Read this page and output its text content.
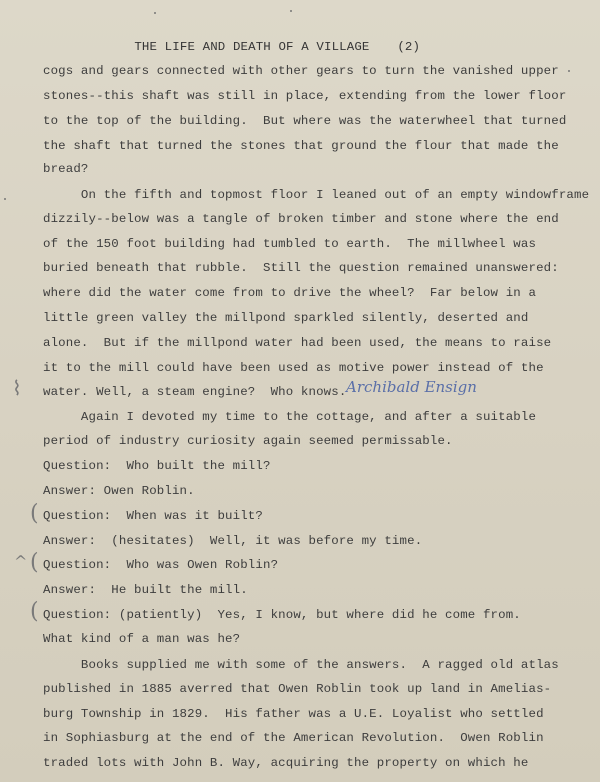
THE LIFE AND DEATH OF A VILLAGE
	(2)

cogs and gears connected with other gears to turn the vanished upper
stones--this shaft was still in place, extending from the lower floor
to the top of the building.  But where was the waterwheel that turned
the shaft that turned the stones that ground the flour that made the
bread?
On the fifth and topmost floor I leaned out of an empty windowframe
dizzily--below was a tangle of broken timber and stone where the end
of the 150 foot building had tumbled to earth.  The millwheel was
buried beneath that rubble.  Still the question remained unanswered:
where did the water come from to drive the wheel?  Far below in a
little green valley the millpond sparkled silently, deserted and
alone.  But if the millpond water had been used, the means to raise
it to the mill could have been used as motive power instead of the
water. Well, a steam engine?  Who knows. Archibald Ensign
⌇
Again I devoted my time to the cottage, and after a suitable
period of industry curiosity again seemed permissable.
Question:  Who built the mill?
Answer: Owen Roblin.
Question:  When was it built?
Answer:  (hesitates)  Well, it was before my time.
Question:  Who was Owen Roblin?
Answer:  He built the mill.
Question: (patiently)  Yes, I know, but where did he come from.
What kind of a man was he?
Books supplied me with some of the answers.  A ragged old atlas
published in 1885 averred that Owen Roblin took up land in Amelias-
burg Township in 1829.  His father was a U.E. Loyalist who settled
in Sophiasburg at the end of the American Revolution.  Owen Roblin
traded lots with John B. Way, acquiring the property on which he
(
^ (
(
